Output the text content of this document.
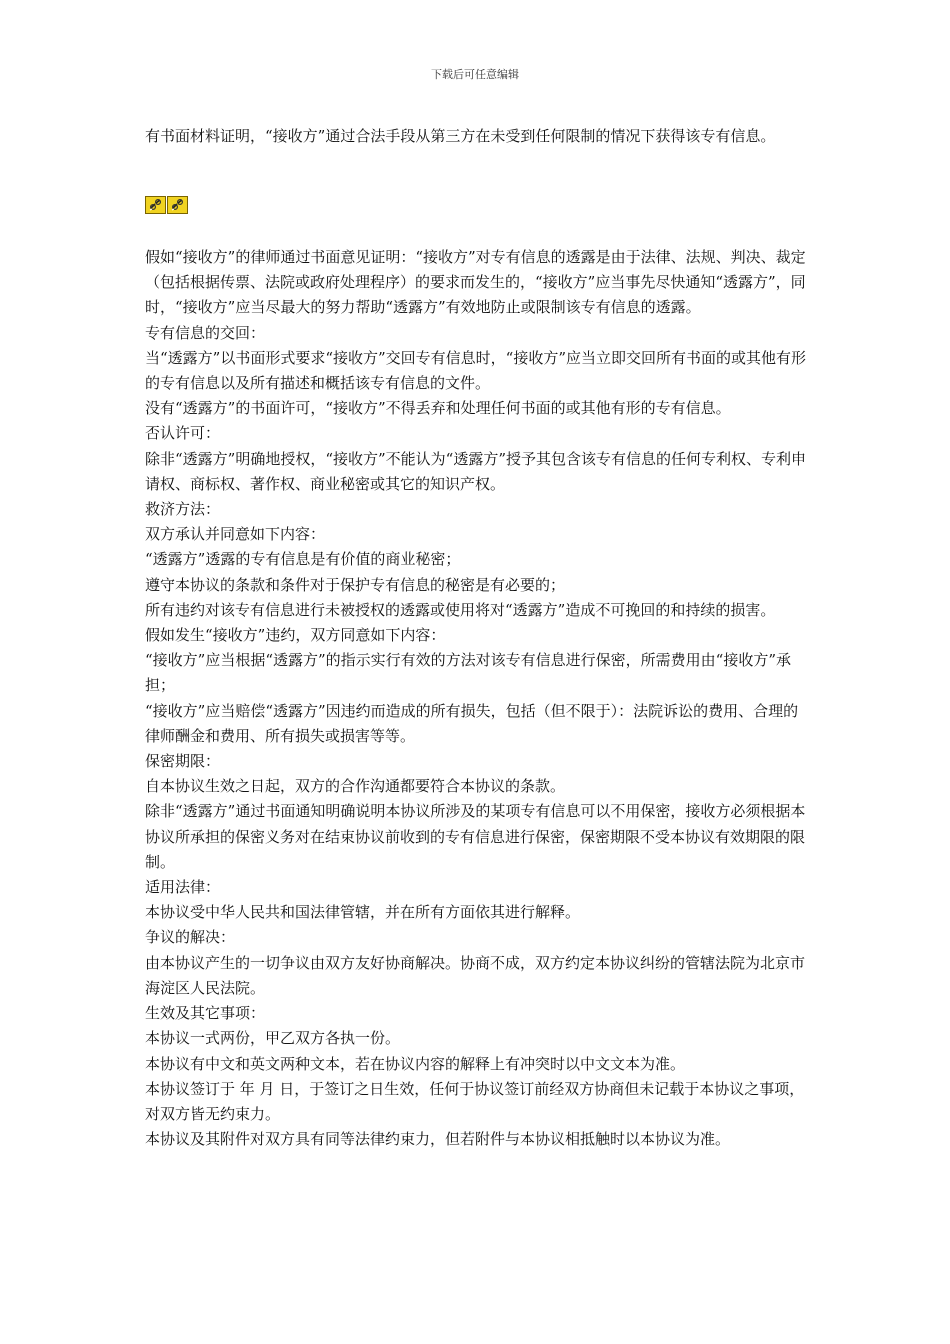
下载后可任意编辑

有书面材料证明，“接收方”通过合法手段从第三方在未受到任何限制的情况下获得该专有信息。

假如“接收方”的律师通过书面意见证明：“接收方”对专有信息的透露是由于法律、法规、判决、裁定（包括根据传票、法院或政府处理程序）的要求而发生的，“接收方”应当事先尽快通知“透露方”，同时，“接收方”应当尽最大的努力帮助“透露方”有效地防止或限制该专有信息的透露。

专有信息的交回：

当“透露方”以书面形式要求“接收方”交回专有信息时，“接收方”应当立即交回所有书面的或其他有形的专有信息以及所有描述和概括该专有信息的文件。

没有“透露方”的书面许可，“接收方”不得丢弃和处理任何书面的或其他有形的专有信息。

否认许可：

除非“透露方”明确地授权，“接收方”不能认为“透露方”授予其包含该专有信息的任何专利权、专利申请权、商标权、著作权、商业秘密或其它的知识产权。

救济方法：

双方承认并同意如下内容：

“透露方”透露的专有信息是有价值的商业秘密；

遵守本协议的条款和条件对于保护专有信息的秘密是有必要的；

所有违约对该专有信息进行未被授权的透露或使用将对“透露方”造成不可挽回的和持续的损害。

假如发生“接收方”违约，双方同意如下内容：

“接收方”应当根据“透露方”的指示实行有效的方法对该专有信息进行保密，所需费用由“接收方”承担；

“接收方”应当赔偿“透露方”因违约而造成的所有损失，包括（但不限于）：法院诉讼的费用、合理的律师酬金和费用、所有损失或损害等等。

保密期限：

自本协议生效之日起，双方的合作沟通都要符合本协议的条款。

除非“透露方”通过书面通知明确说明本协议所涉及的某项专有信息可以不用保密，接收方必须根据本协议所承担的保密义务对在结束协议前收到的专有信息进行保密，保密期限不受本协议有效期限的限制。

适用法律：

本协议受中华人民共和国法律管辖，并在所有方面依其进行解释。

争议的解决：

由本协议产生的一切争议由双方友好协商解决。协商不成，双方约定本协议纠纷的管辖法院为北京市海淀区人民法院。

生效及其它事项：

本协议一式两份，甲乙双方各执一份。

本协议有中文和英文两种文本，若在协议内容的解释上有冲突时以中文文本为准。

本协议签订于 年 月 日，于签订之日生效，任何于协议签订前经双方协商但未记载于本协议之事项，对双方皆无约束力。

本协议及其附件对双方具有同等法律约束力，但若附件与本协议相抵触时以本协议为准。
